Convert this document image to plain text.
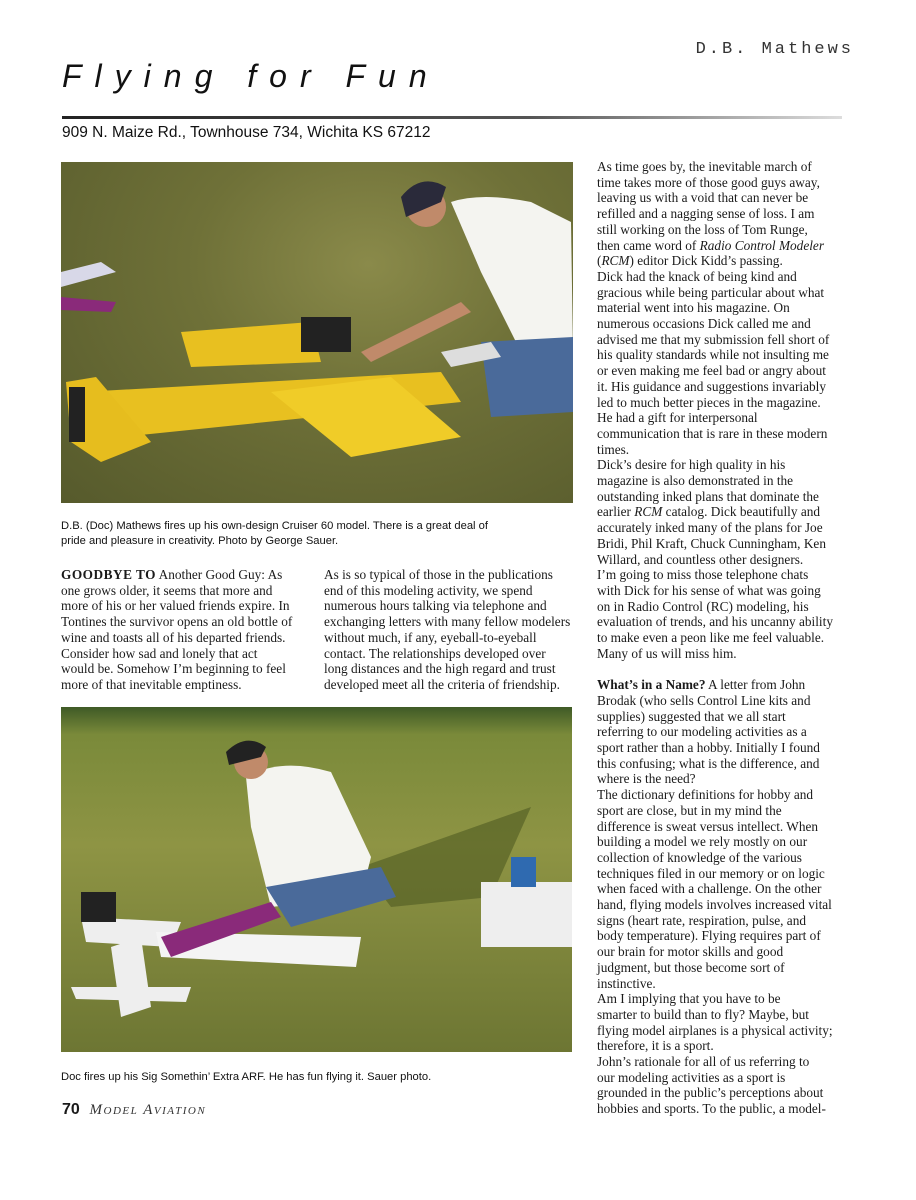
D.B. Mathews
Flying for Fun
909 N. Maize Rd., Townhouse 734, Wichita KS 67212
D.B. (Doc) Mathews fires up his own-design Cruiser 60 model. There is a great deal of
pride and pleasure in creativity. Photo by George Sauer.

GOODBYE TO Another Good Guy: As
one grows older, it seems that more and
more of his or her valued friends expire. In
Tontines the survivor opens an old bottle of
wine and toasts all of his departed friends.
Consider how sad and lonely that act
would be. Somehow I’m beginning to feel
more of that inevitable emptiness.

As is so typical of those in the publications
end of this modeling activity, we spend
numerous hours talking via telephone and
exchanging letters with many fellow modelers
without much, if any, eyeball-to-eyeball
contact. The relationships developed over
long distances and the high regard and trust
developed meet all the criteria of friendship.

Doc fires up his Sig Somethin’ Extra ARF. He has fun flying it. Sauer photo.

As time goes by, the inevitable march of
time takes more of those good guys away,
leaving us with a void that can never be
refilled and a nagging sense of loss. I am
still working on the loss of Tom Runge,
then came word of Radio Control Modeler
(RCM) editor Dick Kidd’s passing.

Dick had the knack of being kind and
gracious while being particular about what
material went into his magazine. On
numerous occasions Dick called me and
advised me that my submission fell short of
his quality standards while not insulting me
or even making me feel bad or angry about
it. His guidance and suggestions invariably
led to much better pieces in the magazine.
He had a gift for interpersonal
communication that is rare in these modern
times.

Dick’s desire for high quality in his
magazine is also demonstrated in the
outstanding inked plans that dominate the
earlier RCM catalog. Dick beautifully and
accurately inked many of the plans for Joe
Bridi, Phil Kraft, Chuck Cunningham, Ken
Willard, and countless other designers.

I’m going to miss those telephone chats
with Dick for his sense of what was going
on in Radio Control (RC) modeling, his
evaluation of trends, and his uncanny ability
to make even a peon like me feel valuable.
Many of us will miss him.

What’s in a Name? A letter from John
Brodak (who sells Control Line kits and
supplies) suggested that we all start
referring to our modeling activities as a
sport rather than a hobby. Initially I found
this confusing; what is the difference, and
where is the need?

The dictionary definitions for hobby and
sport are close, but in my mind the
difference is sweat versus intellect. When
building a model we rely mostly on our
collection of knowledge of the various
techniques filed in our memory or on logic
when faced with a challenge. On the other
hand, flying models involves increased vital
signs (heart rate, respiration, pulse, and
body temperature). Flying requires part of
our brain for motor skills and good
judgment, but those become sort of
instinctive.

Am I implying that you have to be
smarter to build than to fly? Maybe, but
flying model airplanes is a physical activity;
therefore, it is a sport.

John’s rationale for all of us referring to
our modeling activities as a sport is
grounded in the public’s perceptions about
hobbies and sports. To the public, a model-

70 Model Aviation
